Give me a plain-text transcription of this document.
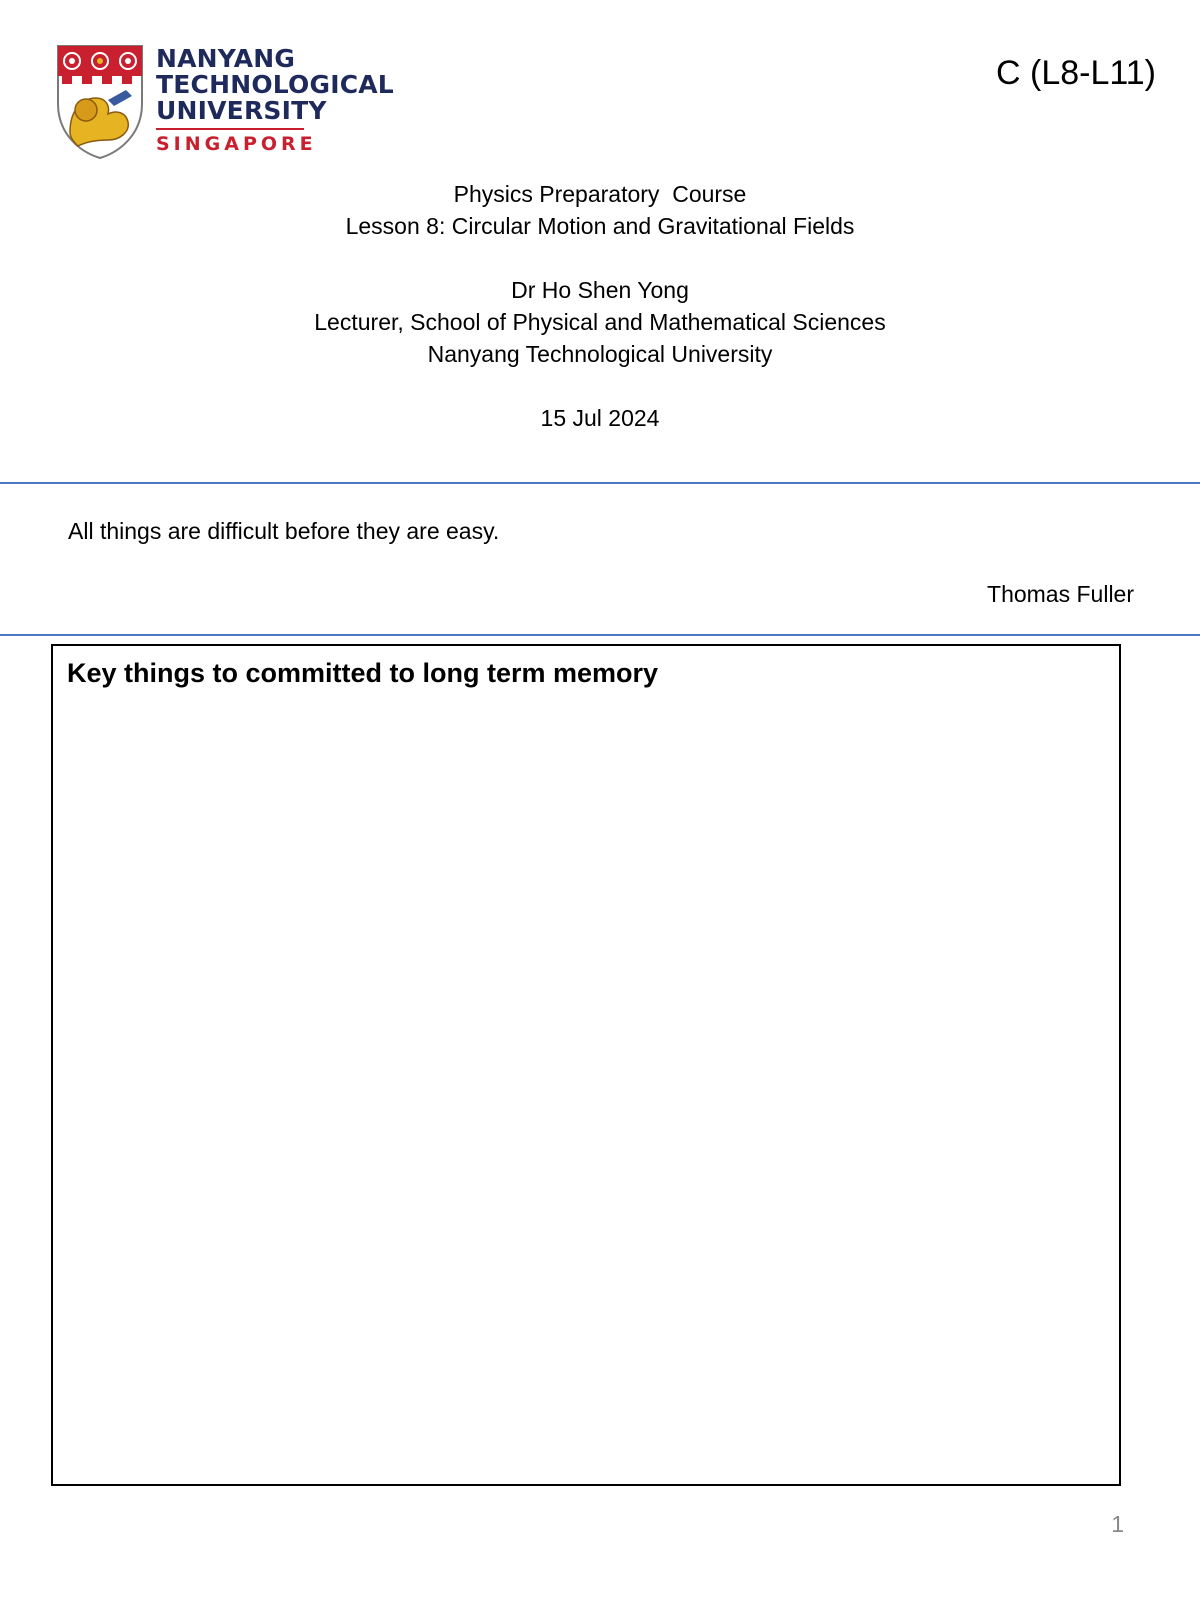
NANYANG
TECHNOLOGICAL
UNIVERSITY
SINGAPORE
C (L8-L11)
Physics Preparatory  Course
Lesson 8: Circular Motion and Gravitational Fields
Dr Ho Shen Yong
Lecturer, School of Physical and Mathematical Sciences
Nanyang Technological University
15 Jul 2024
All things are difficult before they are easy.
Thomas Fuller
Key things to committed to long term memory
1
